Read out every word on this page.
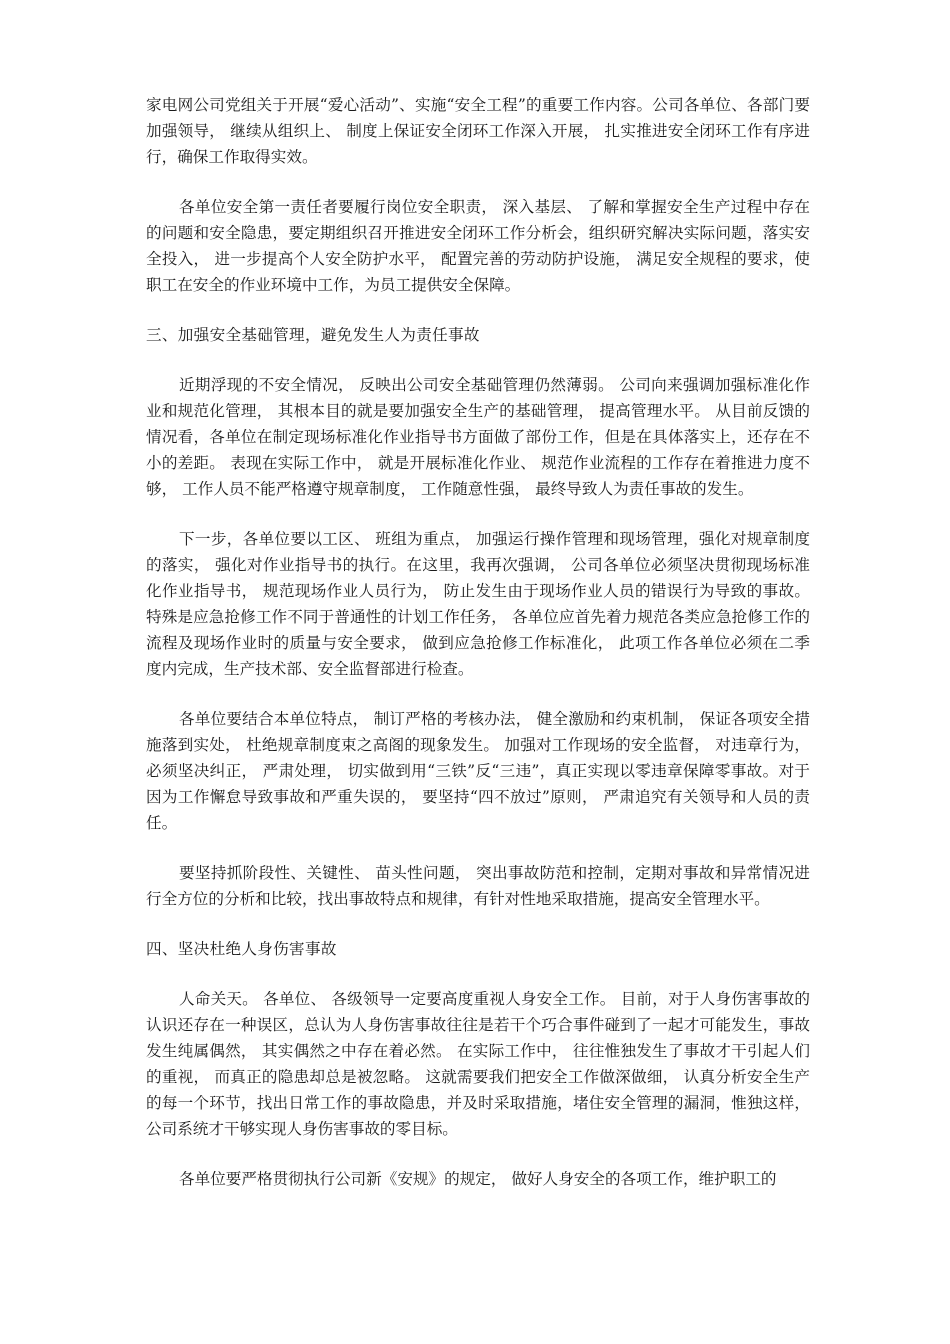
家电网公司党组关于开展“爱心活动”、实施“安全工程”的重要工作内容。公司各单位、各部门要加强领导， 继续从组织上、 制度上保证安全闭环工作深入开展， 扎实推进安全闭环工作有序进行，确保工作取得实效。

各单位安全第一责任者要履行岗位安全职责， 深入基层、 了解和掌握安全生产过程中存在的问题和安全隐患，要定期组织召开推进安全闭环工作分析会，组织研究解决实际问题，落实安全投入， 进一步提高个人安全防护水平， 配置完善的劳动防护设施， 满足安全规程的要求，使职工在安全的作业环境中工作，为员工提供安全保障。

三、加强安全基础管理，避免发生人为责任事故

近期浮现的不安全情况， 反映出公司安全基础管理仍然薄弱。 公司向来强调加强标准化作业和规范化管理， 其根本目的就是要加强安全生产的基础管理， 提高管理水平。 从目前反馈的情况看，各单位在制定现场标准化作业指导书方面做了部份工作，但是在具体落实上，还存在不小的差距。 表现在实际工作中， 就是开展标准化作业、 规范作业流程的工作存在着推进力度不够， 工作人员不能严格遵守规章制度， 工作随意性强， 最终导致人为责任事故的发生。

下一步，各单位要以工区、 班组为重点， 加强运行操作管理和现场管理，强化对规章制度的落实， 强化对作业指导书的执行。在这里，我再次强调， 公司各单位必须坚决贯彻现场标准化作业指导书， 规范现场作业人员行为， 防止发生由于现场作业人员的错误行为导致的事故。 特殊是应急抢修工作不同于普通性的计划工作任务， 各单位应首先着力规范各类应急抢修工作的流程及现场作业时的质量与安全要求， 做到应急抢修工作标准化， 此项工作各单位必须在二季度内完成，生产技术部、安全监督部进行检查。

各单位要结合本单位特点， 制订严格的考核办法， 健全激励和约束机制， 保证各项安全措施落到实处， 杜绝规章制度束之高阁的现象发生。 加强对工作现场的安全监督， 对违章行为，必须坚决纠正， 严肃处理， 切实做到用“三铁”反“三违”，真正实现以零违章保障零事故。对于因为工作懈怠导致事故和严重失误的， 要坚持“四不放过”原则， 严肃追究有关领导和人员的责任。

要坚持抓阶段性、关键性、 苗头性问题， 突出事故防范和控制，定期对事故和异常情况进行全方位的分析和比较，找出事故特点和规律，有针对性地采取措施，提高安全管理水平。

四、坚决杜绝人身伤害事故

人命关天。 各单位、 各级领导一定要高度重视人身安全工作。 目前，对于人身伤害事故的认识还存在一种误区，总认为人身伤害事故往往是若干个巧合事件碰到了一起才可能发生，事故发生纯属偶然， 其实偶然之中存在着必然。 在实际工作中， 往往惟独发生了事故才干引起人们的重视， 而真正的隐患却总是被忽略。 这就需要我们把安全工作做深做细， 认真分析安全生产的每一个环节，找出日常工作的事故隐患，并及时采取措施，堵住安全管理的漏洞，惟独这样，公司系统才干够实现人身伤害事故的零目标。

各单位要严格贯彻执行公司新《安规》的规定， 做好人身安全的各项工作，维护职工的
